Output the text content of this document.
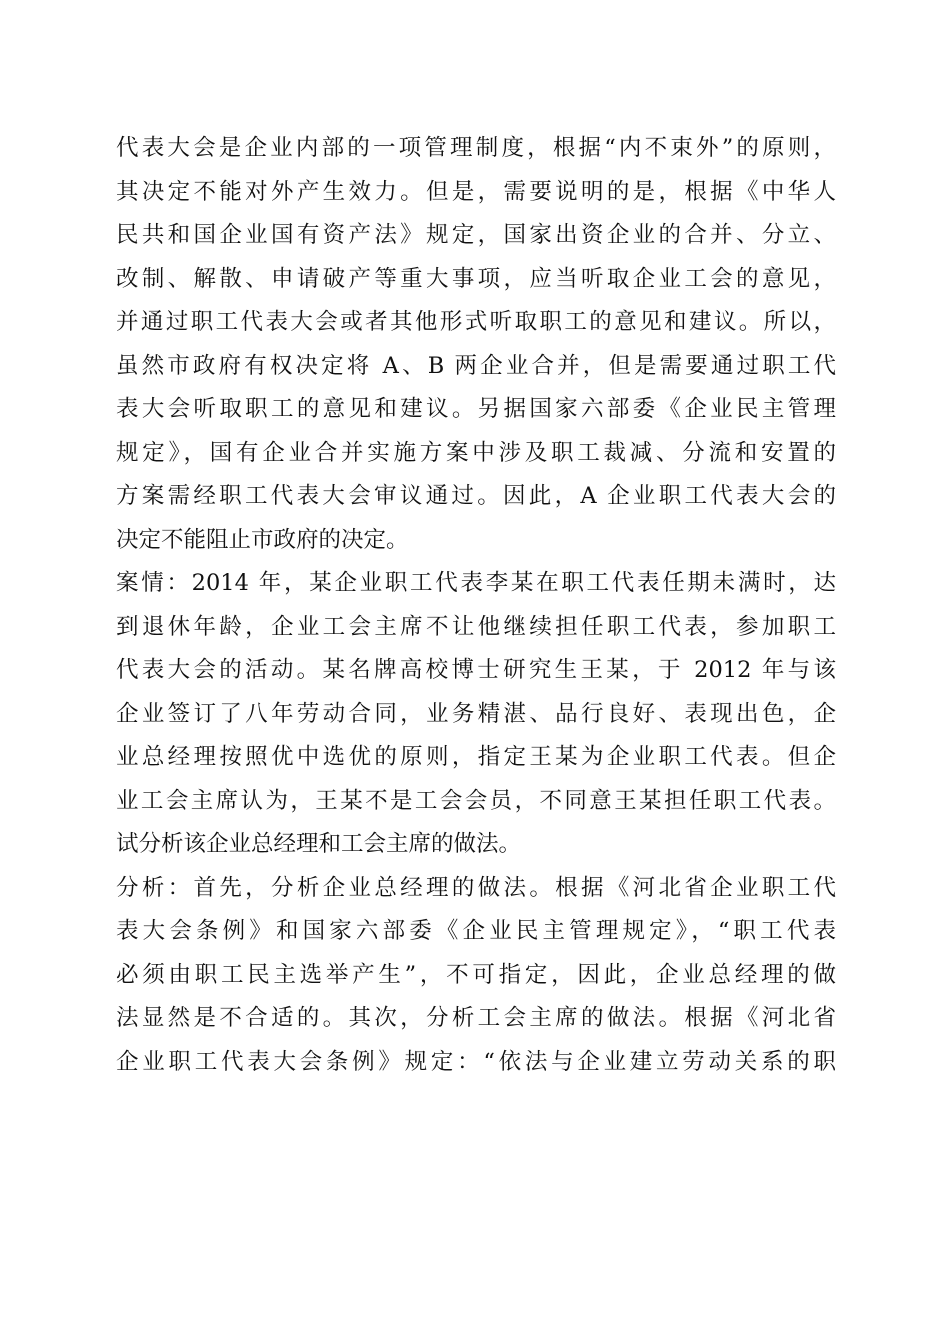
代表大会是企业内部的一项管理制度，根据“内不束外”的原则，
其决定不能对外产生效力。但是，需要说明的是，根据《中华人
民共和国企业国有资产法》规定，国家出资企业的合并、分立、
改制、解散、申请破产等重大事项，应当听取企业工会的意见，
并通过职工代表大会或者其他形式听取职工的意见和建议。所以，
虽然市政府有权决定将 A、B 两企业合并，但是需要通过职工代
表大会听取职工的意见和建议。另据国家六部委《企业民主管理
规定》，国有企业合并实施方案中涉及职工裁减、分流和安置的
方案需经职工代表大会审议通过。因此，A 企业职工代表大会的
决定不能阻止市政府的决定。
案情：2014 年，某企业职工代表李某在职工代表任期未满时，达
到退休年龄，企业工会主席不让他继续担任职工代表，参加职工
代表大会的活动。某名牌高校博士研究生王某，于 2012 年与该
企业签订了八年劳动合同，业务精湛、品行良好、表现出色，企
业总经理按照优中选优的原则，指定王某为企业职工代表。但企
业工会主席认为，王某不是工会会员，不同意王某担任职工代表。
试分析该企业总经理和工会主席的做法。
分析：首先，分析企业总经理的做法。根据《河北省企业职工代
表大会条例》和国家六部委《企业民主管理规定》，“职工代表
必须由职工民主选举产生”，不可指定，因此，企业总经理的做
法显然是不合适的。其次，分析工会主席的做法。根据《河北省
企业职工代表大会条例》规定：“依法与企业建立劳动关系的职
